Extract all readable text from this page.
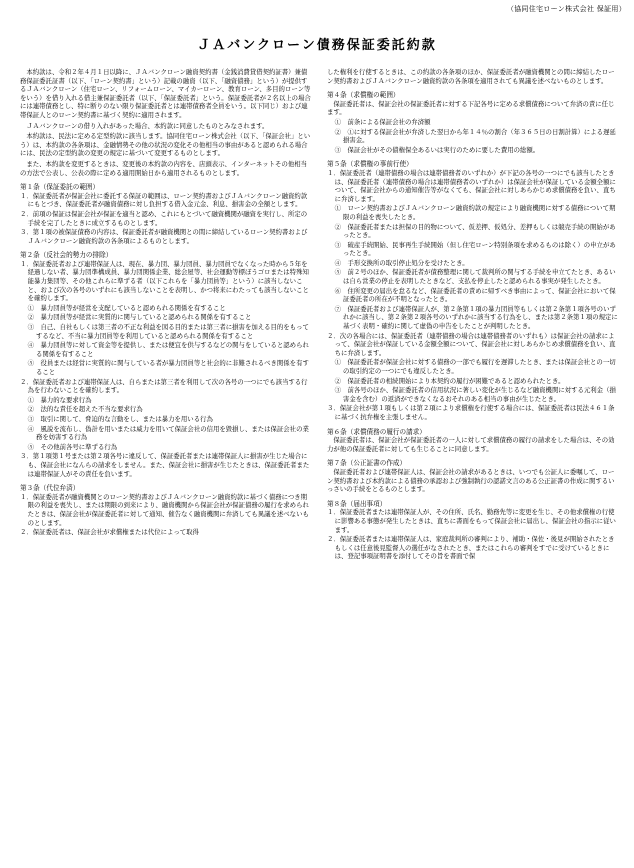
（協同住宅ローン株式会社 保証用）
ＪＡバンクローン債務保証委託約款

本約款は、令和２年４月１日以降に、ＪＡバンクローン融資契約書（金銭消費貸借契約証書）兼債務保証委託証書（以下、「ローン契約書」という）記載の融資（以下、「融資債務」という）が提供するＪＡバンクローン（住宅ローン、リフォームローン、マイカーローン、教育ローン、多目的ローン等をいう）を借り入れる借主兼保証委託者（以下、「保証委託者」という。保証委託者が２名以上の場合には連帯債務とし、特に断りのない限り保証委託者とは連帯債務者全員をいう。以下同じ）および連帯保証人とのローン契約書に基づく契約に適用されます。

ＪＡバンクローンの借り入れがあった場合、本約款に同意したものとみなされます。

本約款は、民法に定める定型約款に該当します。協同住宅ローン株式会社（以下、「保証会社」という）は、本約款の各条項は、金融情勢その他の状況の変化その他相当の事由があると認められる場合には、民法の定型約款の変更の規定に基づいて変更するものとします。

また、本約款を変更するときは、変更後の本約款の内容を、店頭表示、インターネットその他相当の方法で公表し、公表の際に定める適用開始日から適用されるものとします。

第１条（保証委託の範囲）

１．保証委託者が保証会社に委託する保証の範囲は、ローン契約書およびＪＡバンクローン融資約款にもとづき、保証委託者が融資債務に対し負担する借入金元金、利息、損害金の全額とします。

２．前項の保証は保証会社が保証を適当と認め、これにもとづいて融資機関が融資を実行し、所定の手続を完了したときに成立するものとします。

３．第１項の被保証債務の内容は、保証委託者が融資機関との間に締結しているローン契約書およびＪＡバンクローン融資約款の各条項によるものとします。

第２条（反社会的勢力の排除）

１．保証委託者および連帯保証人は、現在、暴力団、暴力団員、暴力団員でなくなった時から５年を経過しない者、暴力団準構成員、暴力団関係企業、総会屋等、社会運動等標ぼうゴロまたは特殊知能暴力集団等、その他これらに準ずる者（以下これらを「暴力団員等」という）に該当しないこと、および次の各号のいずれにも該当しないことを表明し、かつ将来にわたっても該当しないことを確約します。

①　暴力団員等が経営を支配していると認められる関係を有すること

②　暴力団員等が経営に実質的に関与していると認められる関係を有すること

③　自己、自社もしくは第三者の不正な利益を図る目的または第三者に損害を加える目的をもってするなど、不当に暴力団員等を利用していると認められる関係を有すること

④　暴力団員等に対して資金等を提供し、または便宜を供与するなどの関与をしていると認められる関係を有すること

⑤　役員または経営に実質的に関与している者が暴力団員等と社会的に非難されるべき関係を有すること

２．保証委託者および連帯保証人は、自らまたは第三者を利用して次の各号の一つにでも該当する行為を行わないことを確約します。

①　暴力的な要求行為

②　法的な責任を超えた不当な要求行為

③　取引に関して、脅迫的な言動をし、または暴力を用いる行為

④　風説を流布し、偽計を用いまたは威力を用いて保証会社の信用を毀損し、または保証会社の業務を妨害する行為

⑤　その他前各号に準ずる行為

３．第１項第１号または第２項各号に違反して、保証委託者または連帯保証人に損害が生じた場合にも、保証会社になんらの請求をしません。また、保証会社に損害が生じたときは、保証委託者または連帯保証人がその責任を負います。

第３条（代位弁済）

１．保証委託者が融資機関とのローン契約書およびＪＡバンクローン融資約款に基づく債務につき期限の利益を喪失し、または期限の到来により、融資機関から保証会社が保証債務の履行を求められたときは、保証会社が保証委託者に対して通知、催告なく融資機関に弁済しても異議を述べないものとします。

２．保証委託者は、保証会社が求償権または代位によって取得

した権利を行使するときは、この約款の各条項のほか、保証委託者が融資機関との間に締結したローン契約書およびＪＡバンクローン融資約款の各条項を適用されても異議を述べないものとします。

第４条（求償権の範囲）

保証委託者は、保証会社の保証委託者に対する下記各号に定める求償債務について弁済の責に任じます。

①　前条による保証会社の弁済額

②　①に対する保証会社が弁済した翌日から年１４％の割合（年３６５日の日割計算）による遅延損害金。

③　保証会社がその債権保全あるいは実行のために要した費用の総額。

第５条（求償権の事前行使）

１．保証委託者（連帯債務の場合は連帯債務者のいずれか）が下記の各号の一つにでも該当したときは、保証委託者（連帯債務の場合は連帯債務者のいずれか）は保証会社が保証している金額全額について、保証会社からの通知催告等がなくても、保証会社に対しあらかじめ求償債務を負い、直ちに弁済します。

①　ローン契約書およびＪＡバンクローン融資約款の規定により融資機関に対する債務について期限の利益を喪失したとき。

②　保証委託者または担保の目的物について、仮差押、仮処分、差押もしくは競売手続の開始があったとき。

③　破産手続開始、民事再生手続開始（但し住宅ローン特別条項を求めるものは除く）の申立があったとき。

④　手形交換所の取引停止処分を受けたとき。

⑤　前２号のほか、保証委託者が債務整理に関して裁判所の関与する手続を申立てたとき、あるいは自ら営業の停止を表明したときなど、支払を停止したと認められる事実が発生したとき。

⑥　住所変更の届出を怠るなど、保証委託者の責めに帰すべき事由によって、保証会社において保証委託者の所在が不明となったとき。

⑦　保証委託者および連帯保証人が、第２条第１項の暴力団員等もしくは第２条第１項各号のいずれかに該当し、第２条第２項各号のいずれかに該当する行為をし、または第２条第１項の規定に基づく表明・確約に関して虚偽の申告をしたことが判明したとき。

２．次の各場合には、保証委託者（連帯債務の場合は連帯債務者のいずれも）は保証会社の請求によって、保証会社が保証している金額全額について、保証会社に対しあらかじめ求償債務を負い、直ちに弁済します。

①　保証委託者が保証会社に対する債務の一部でも履行を遅滞したとき、または保証会社との一切の取引約定の一つにでも違反したとき。

②　保証委託者の相続開始により本契約の履行が困難であると認められたとき。

③　前各号のほか、保証委託者の信用状況に著しい変化が生じるなど融資機関に対する元利金（損害金を含む）の返済ができなくなるおそれのある相当の事由が生じたとき。

３．保証会社が第１項もしくは第２項により求償権を行使する場合には、保証委託者は民法４６１条に基づく抗弁権を主張しません。

第６条（求償債務の履行の請求）

保証委託者は、保証会社が保証委託者の一人に対して求償債務の履行の請求をした場合は、その効力が他の保証委託者に対しても生じることに同意します。

第７条（公正証書の作成）

保証委託者および連帯保証人は、保証会社の請求があるときは、いつでも公証人に委嘱して、ローン契約書および本約款による債務の承認および強制執行の認諾文言のある公正証書の作成に関するいっさいの手続をとるものとします。

第８条（届出事項）

１．保証委託者または連帯保証人が、その住所、氏名、勤務先等に変更を生じ、その他求償権の行使に影響ある事態が発生したときは、直ちに書面をもって保証会社に届出し、保証会社の指示に従います。

２．保証委託者または連帯保証人は、家庭裁判所の審判により、補助・保佐・後見が開始されたときもしくは任意後見監督人の選任がなされたとき、またはこれらの審判をすでに受けているときには、登記事項証明書を添付してその旨を書面で保
